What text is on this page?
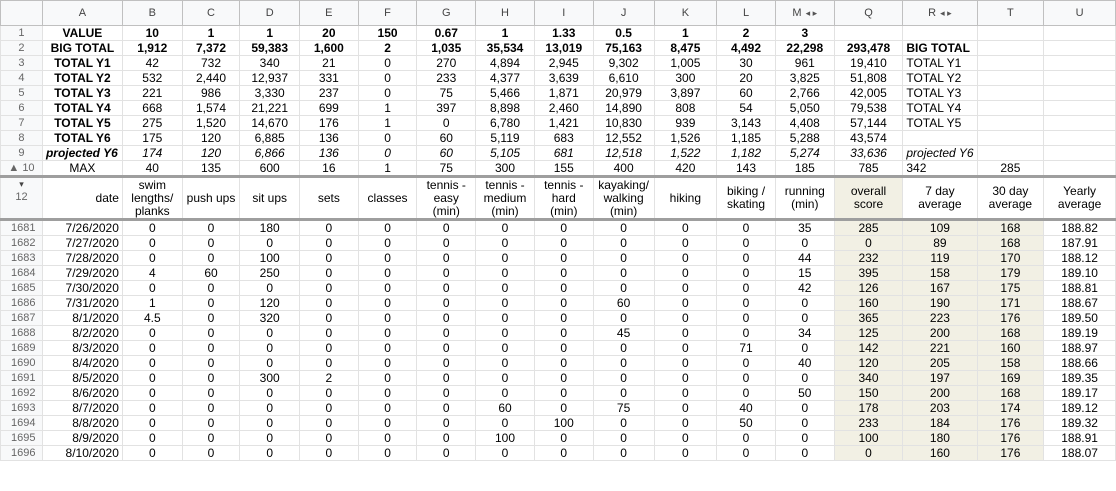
	A	B	C	D	E	F	G	H	I	J	K	L	M ◂ ▸	Q	R ◂ ▸	T	U
1	VALUE	10	1	1	20	150	0.67	1	1.33	0.5	1	2	3				
2	BIG TOTAL	1,912	7,372	59,383	1,600	2	1,035	35,534	13,019	75,163	8,475	4,492	22,298	293,478	BIG TOTAL		
3	TOTAL Y1	42	732	340	21	0	270	4,894	2,945	9,302	1,005	30	961	19,410	TOTAL Y1		
4	TOTAL Y2	532	2,440	12,937	331	0	233	4,377	3,639	6,610	300	20	3,825	51,808	TOTAL Y2		
5	TOTAL Y3	221	986	3,330	237	0	75	5,466	1,871	20,979	3,897	60	2,766	42,005	TOTAL Y3		
6	TOTAL Y4	668	1,574	21,221	699	1	397	8,898	2,460	14,890	808	54	5,050	79,538	TOTAL Y4		
7	TOTAL Y5	275	1,520	14,670	176	1	0	6,780	1,421	10,830	939	3,143	4,408	57,144	TOTAL Y5		
8	TOTAL Y6	175	120	6,885	136	0	60	5,119	683	12,552	1,526	1,185	5,288	43,574			
9	projected Y6	174	120	6,866	136	0	60	5,105	681	12,518	1,522	1,182	5,274	33,636	projected Y6		
▲ 10	MAX	40	135	600	16	1	75	300	155	400	420	143	185	785	342	285	
▾
12	date	swim lengths/ planks	push ups	sit ups	sets	classes	tennis - easy (min)	tennis - medium (min)	tennis - hard (min)	kayaking/ walking (min)	hiking	biking / skating	running (min)	overall score	7 day average	30 day average	Yearly average
1681	7/26/2020	0	0	180	0	0	0	0	0	0	0	0	35	285	109	168	188.82
1682	7/27/2020	0	0	0	0	0	0	0	0	0	0	0	0	0	89	168	187.91
1683	7/28/2020	0	0	100	0	0	0	0	0	0	0	0	44	232	119	170	188.12
1684	7/29/2020	4	60	250	0	0	0	0	0	0	0	0	15	395	158	179	189.10
1685	7/30/2020	0	0	0	0	0	0	0	0	0	0	0	42	126	167	175	188.81
1686	7/31/2020	1	0	120	0	0	0	0	0	60	0	0	0	160	190	171	188.67
1687	8/1/2020	4.5	0	320	0	0	0	0	0	0	0	0	0	365	223	176	189.50
1688	8/2/2020	0	0	0	0	0	0	0	0	45	0	0	34	125	200	168	189.19
1689	8/3/2020	0	0	0	0	0	0	0	0	0	0	71	0	142	221	160	188.97
1690	8/4/2020	0	0	0	0	0	0	0	0	0	0	0	40	120	205	158	188.66
1691	8/5/2020	0	0	300	2	0	0	0	0	0	0	0	0	340	197	169	189.35
1692	8/6/2020	0	0	0	0	0	0	0	0	0	0	0	50	150	200	168	189.17
1693	8/7/2020	0	0	0	0	0	0	60	0	75	0	40	0	178	203	174	189.12
1694	8/8/2020	0	0	0	0	0	0	0	100	0	0	50	0	233	184	176	189.32
1695	8/9/2020	0	0	0	0	0	0	100	0	0	0	0	0	100	180	176	188.91
1696	8/10/2020	0	0	0	0	0	0	0	0	0	0	0	0	0	160	176	188.07
